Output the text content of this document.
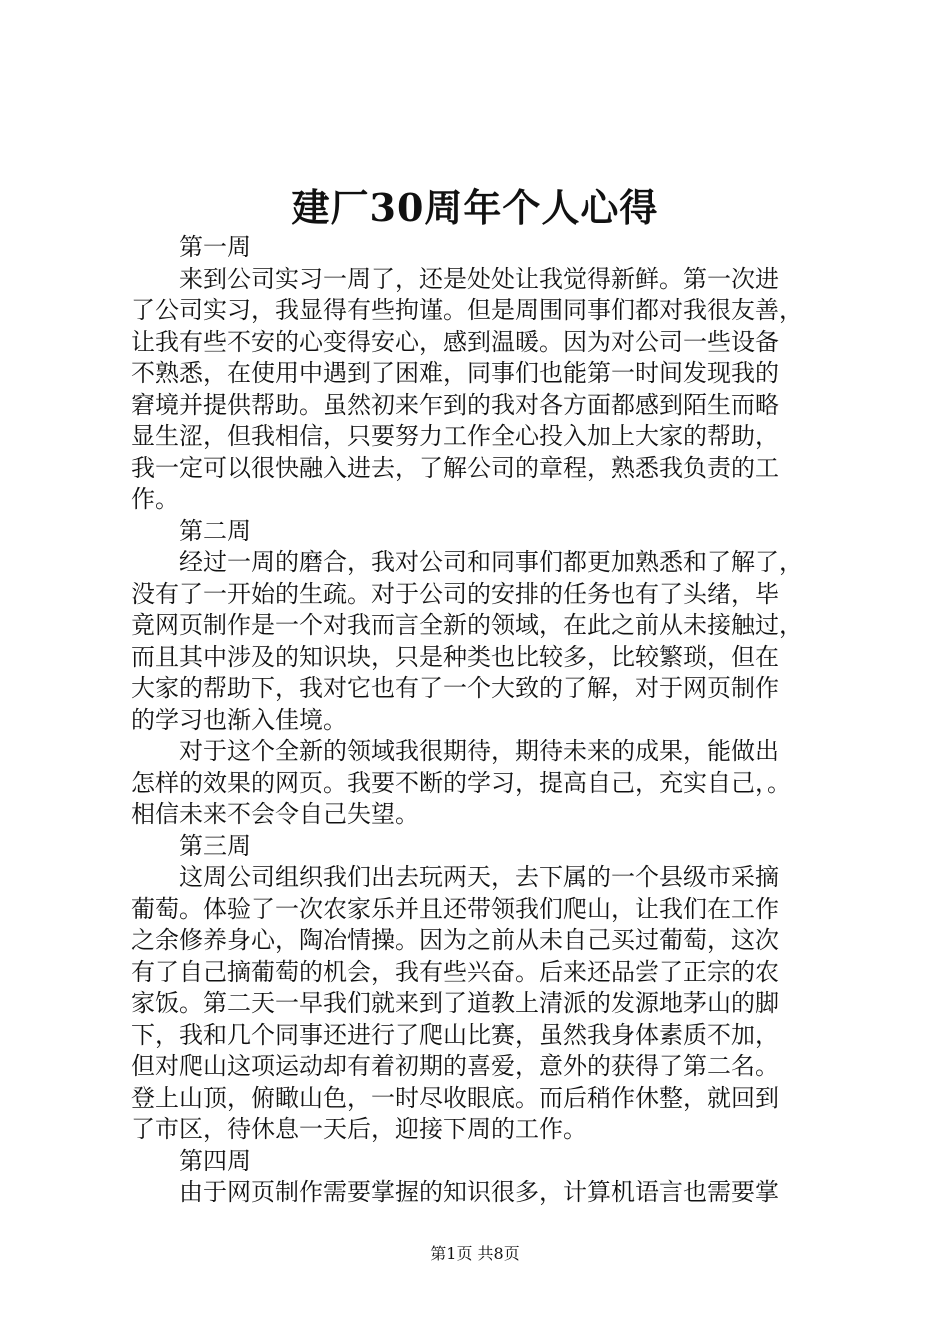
建厂30周年个人心得
第一周
来到公司实习一周了，还是处处让我觉得新鲜。第一次进
了公司实习，我显得有些拘谨。但是周围同事们都对我很友善，
让我有些不安的心变得安心，感到温暖。因为对公司一些设备
不熟悉，在使用中遇到了困难，同事们也能第一时间发现我的
窘境并提供帮助。虽然初来乍到的我对各方面都感到陌生而略
显生涩，但我相信，只要努力工作全心投入加上大家的帮助，
我一定可以很快融入进去，了解公司的章程，熟悉我负责的工
作。
第二周
经过一周的磨合，我对公司和同事们都更加熟悉和了解了，
没有了一开始的生疏。对于公司的安排的任务也有了头绪，毕
竟网页制作是一个对我而言全新的领域，在此之前从未接触过，
而且其中涉及的知识块，只是种类也比较多，比较繁琐，但在
大家的帮助下，我对它也有了一个大致的了解，对于网页制作
的学习也渐入佳境。
对于这个全新的领域我很期待，期待未来的成果，能做出
怎样的效果的网页。我要不断的学习，提高自己，充实自己，。
相信未来不会令自己失望。
第三周
这周公司组织我们出去玩两天，去下属的一个县级市采摘
葡萄。体验了一次农家乐并且还带领我们爬山，让我们在工作
之余修养身心，陶冶情操。因为之前从未自己买过葡萄，这次
有了自己摘葡萄的机会，我有些兴奋。后来还品尝了正宗的农
家饭。第二天一早我们就来到了道教上清派的发源地茅山的脚
下，我和几个同事还进行了爬山比赛，虽然我身体素质不加，
但对爬山这项运动却有着初期的喜爱，意外的获得了第二名。
登上山顶，俯瞰山色，一时尽收眼底。而后稍作休整，就回到
了市区，待休息一天后，迎接下周的工作。
第四周
由于网页制作需要掌握的知识很多，计算机语言也需要掌
第1页 共8页
